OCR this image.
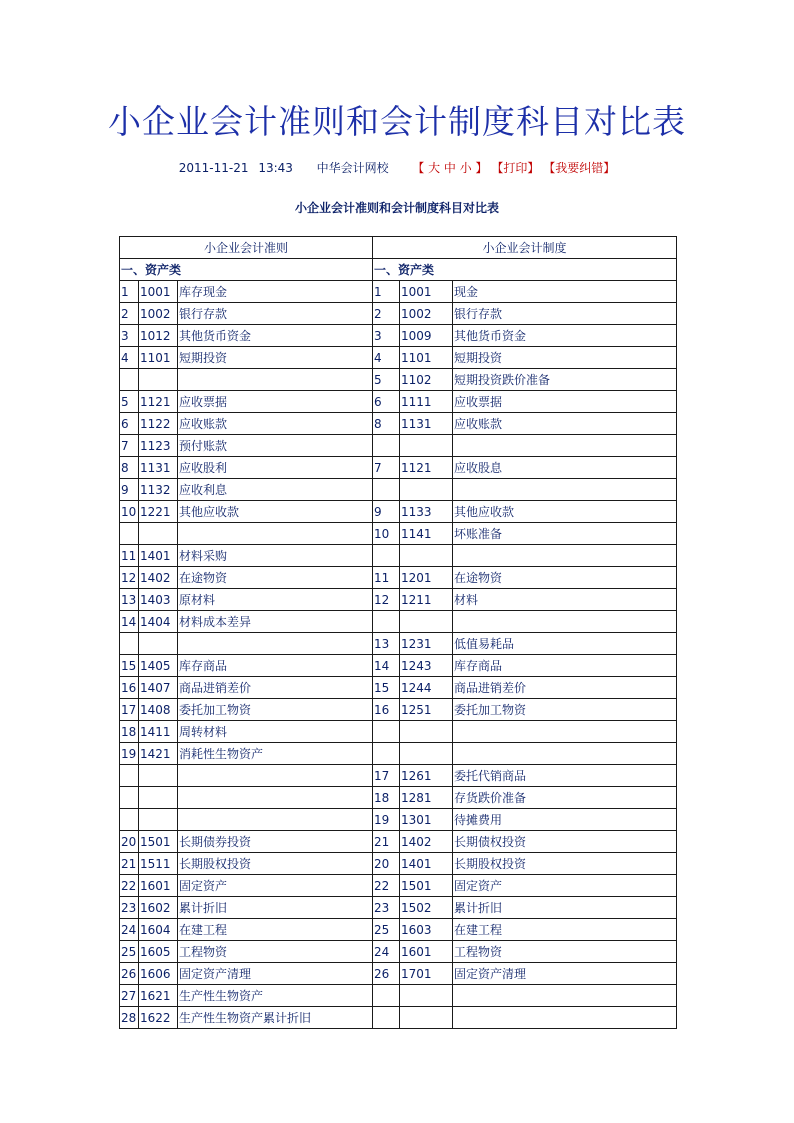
小企业会计准则和会计制度科目对比表
2011-11-21 13:43 中华会计网校 【 大 中 小 】 【打印】 【我要纠错】
小企业会计准则和会计制度科目对比表
小企业会计准则			小企业会计制度		
一、资产类			一、资产类		
1	1001	库存现金	1	1001	现金
2	1002	银行存款	2	1002	银行存款
3	1012	其他货币资金	3	1009	其他货币资金
4	1101	短期投资	4	1101	短期投资
			5	1102	短期投资跌价准备
5	1121	应收票据	6	1111	应收票据
6	1122	应收账款	8	1131	应收账款
7	1123	预付账款			
8	1131	应收股利	7	1121	应收股息
9	1132	应收利息			
10	1221	其他应收款	9	1133	其他应收款
			10	1141	坏账准备
11	1401	材料采购			
12	1402	在途物资	11	1201	在途物资
13	1403	原材料	12	1211	材料
14	1404	材料成本差异			
			13	1231	低值易耗品
15	1405	库存商品	14	1243	库存商品
16	1407	商品进销差价	15	1244	商品进销差价
17	1408	委托加工物资	16	1251	委托加工物资
18	1411	周转材料			
19	1421	消耗性生物资产			
			17	1261	委托代销商品
			18	1281	存货跌价准备
			19	1301	待摊费用
20	1501	长期债券投资	21	1402	长期债权投资
21	1511	长期股权投资	20	1401	长期股权投资
22	1601	固定资产	22	1501	固定资产
23	1602	累计折旧	23	1502	累计折旧
24	1604	在建工程	25	1603	在建工程
25	1605	工程物资	24	1601	工程物资
26	1606	固定资产清理	26	1701	固定资产清理
27	1621	生产性生物资产			
28	1622	生产性生物资产累计折旧			
